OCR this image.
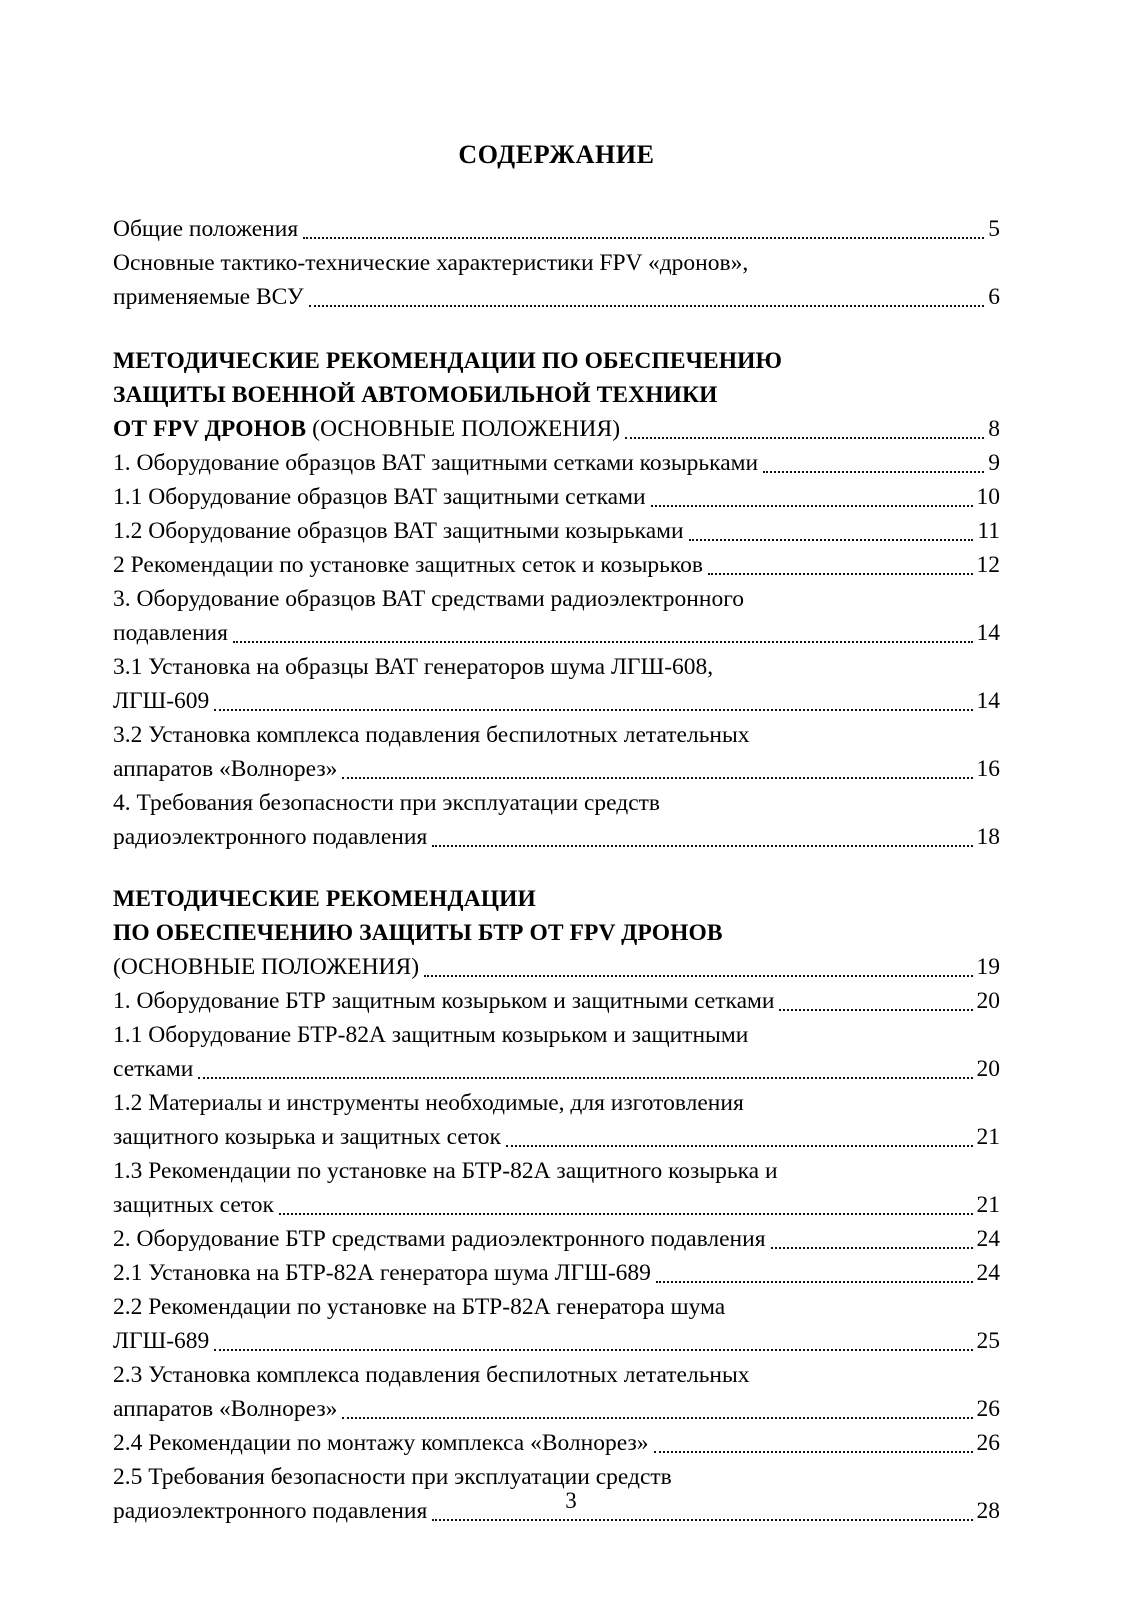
СОДЕРЖАНИЕ
Общие положения	5
Основные тактико-технические характеристики FPV «дронов»,
применяемые ВСУ	6
МЕТОДИЧЕСКИЕ РЕКОМЕНДАЦИИ ПО ОБЕСПЕЧЕНИЮ
ЗАЩИТЫ ВОЕННОЙ АВТОМОБИЛЬНОЙ ТЕХНИКИ
ОТ FPV ДРОНОВ (ОСНОВНЫЕ ПОЛОЖЕНИЯ)	8
1. Оборудование образцов ВАТ защитными сетками козырьками	9
1.1 Оборудование образцов ВАТ защитными сетками	10
1.2 Оборудование образцов ВАТ защитными козырьками	11
2 Рекомендации по установке защитных сеток и козырьков	12
3. Оборудование образцов ВАТ средствами радиоэлектронного
подавления	14
3.1 Установка на образцы ВАТ генераторов шума ЛГШ-608,
ЛГШ-609	14
3.2 Установка комплекса подавления беспилотных летательных
аппаратов «Волнорез»	16
4. Требования безопасности при эксплуатации средств
радиоэлектронного подавления	18
МЕТОДИЧЕСКИЕ РЕКОМЕНДАЦИИ
ПО ОБЕСПЕЧЕНИЮ ЗАЩИТЫ БТР ОТ FPV ДРОНОВ
(ОСНОВНЫЕ ПОЛОЖЕНИЯ)	19
1. Оборудование БТР защитным козырьком и защитными сетками	20
1.1 Оборудование БТР-82А защитным козырьком и защитными
сетками	20
1.2 Материалы и инструменты необходимые, для изготовления
защитного козырька и защитных сеток	21
1.3 Рекомендации по установке на БТР-82А защитного козырька и
защитных сеток	21
2. Оборудование БТР средствами радиоэлектронного подавления	24
2.1 Установка на БТР-82А генератора шума ЛГШ-689	24
2.2 Рекомендации по установке на БТР-82А генератора шума
ЛГШ-689	25
2.3 Установка комплекса подавления беспилотных летательных
аппаратов «Волнорез»	26
2.4 Рекомендации по монтажу комплекса «Волнорез»	26
2.5 Требования безопасности при эксплуатации средств
радиоэлектронного подавления	28
3
